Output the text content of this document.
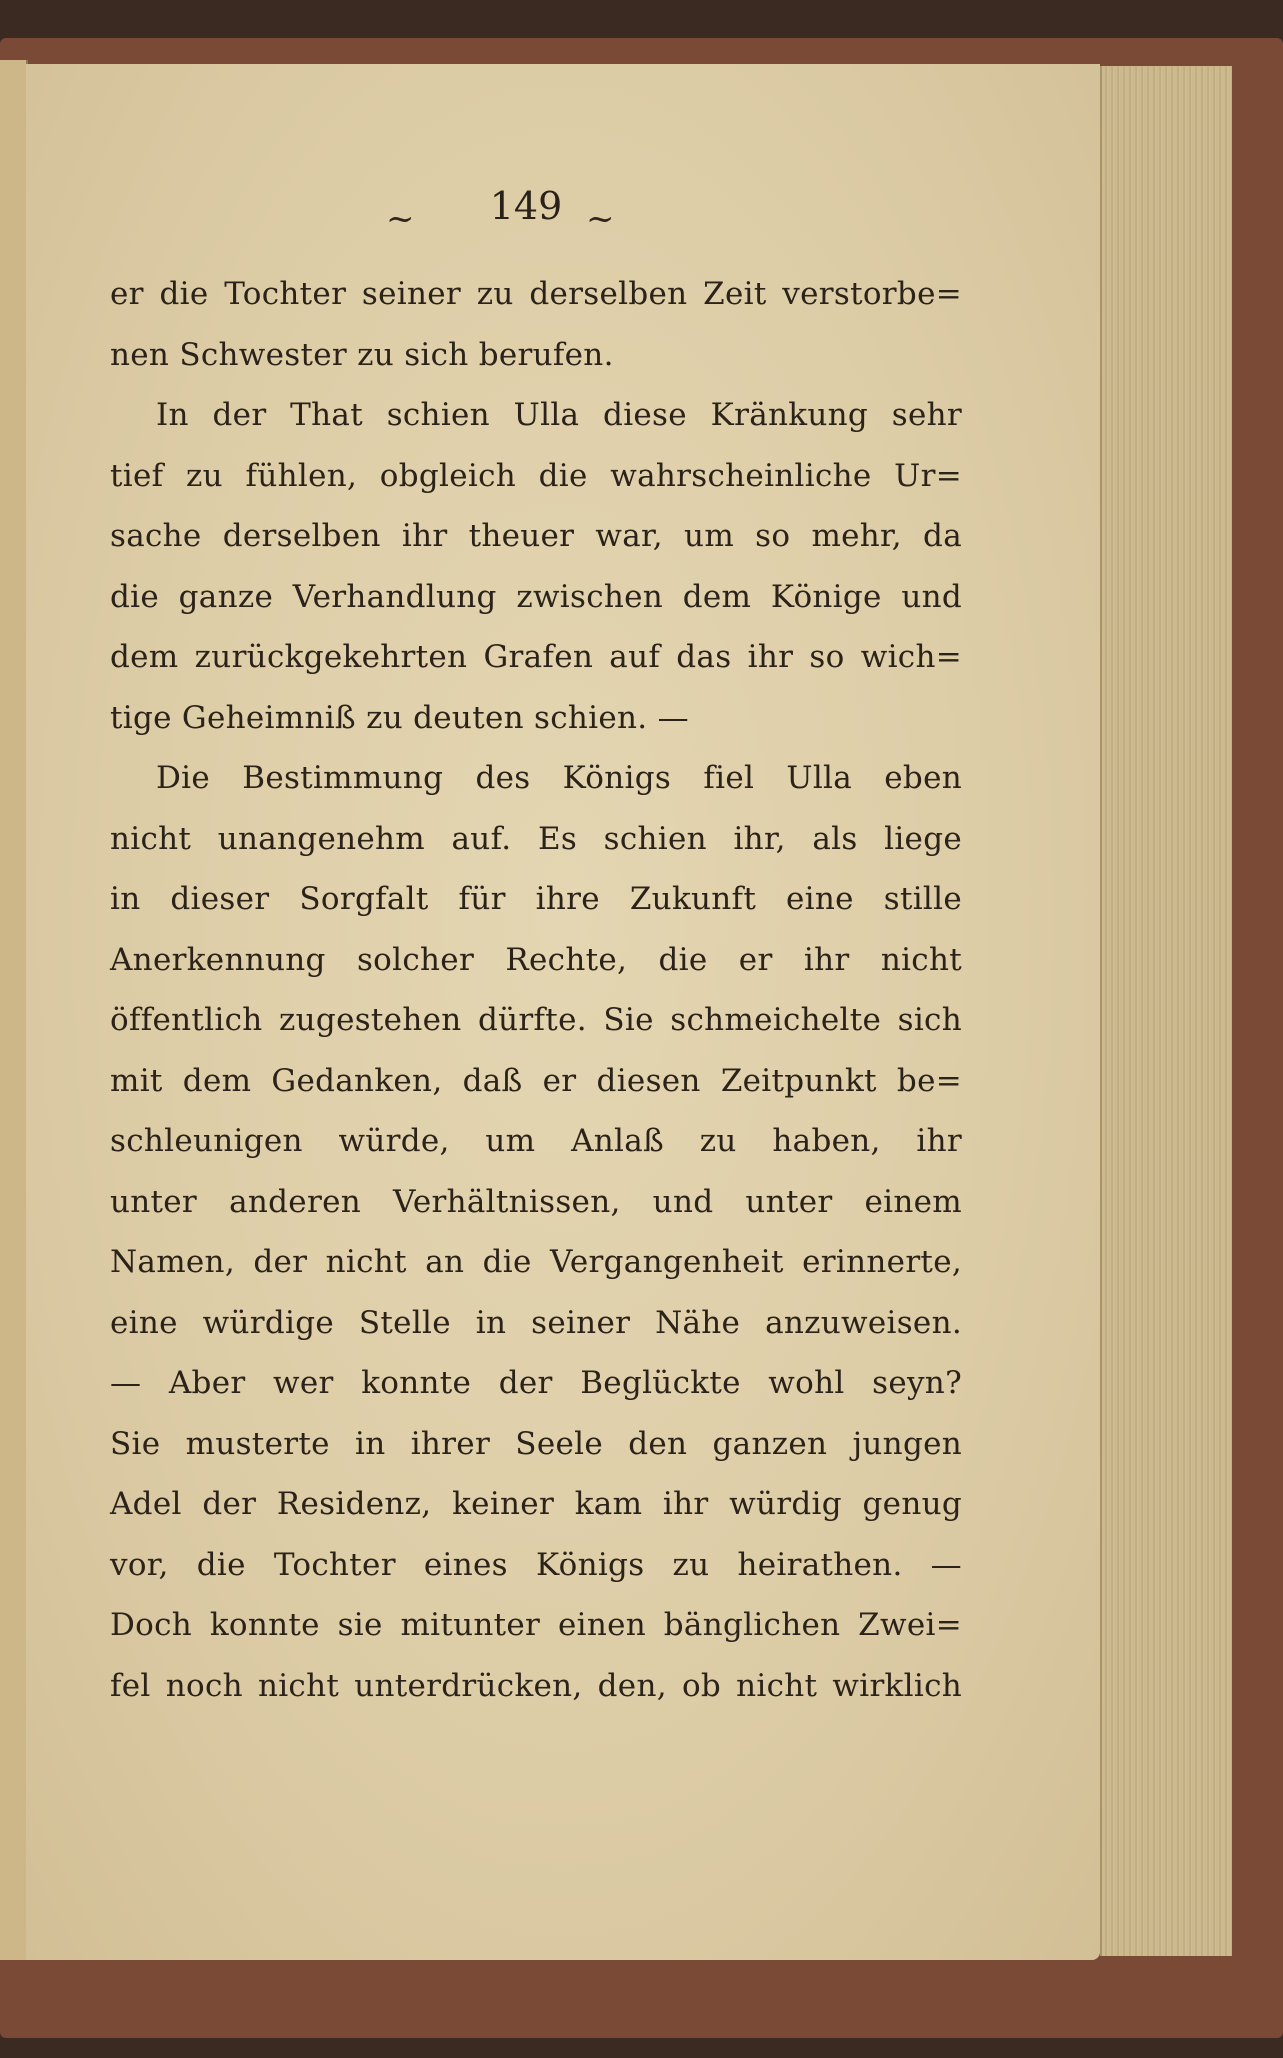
~	149 ~
er die Tochter seiner zu derselben Zeit verstorbe=
nen Schwester zu sich berufen.
In der That schien Ulla diese Kränkung sehr
tief zu fühlen, obgleich die wahrscheinliche Ur=
sache derselben ihr theuer war, um so mehr, da
die ganze Verhandlung zwischen dem Könige und
dem zurückgekehrten Grafen auf das ihr so wich=
tige Geheimniß zu deuten schien. —
Die Bestimmung des Königs fiel Ulla eben
nicht unangenehm auf. Es schien ihr, als liege
in dieser Sorgfalt für ihre Zukunft eine stille
Anerkennung solcher Rechte, die er ihr nicht
öffentlich zugestehen dürfte. Sie schmeichelte sich
mit dem Gedanken, daß er diesen Zeitpunkt be=
schleunigen würde, um Anlaß zu haben, ihr
unter anderen Verhältnissen, und unter einem
Namen, der nicht an die Vergangenheit erinnerte,
eine würdige Stelle in seiner Nähe anzuweisen.
— Aber wer konnte der Beglückte wohl seyn?
Sie musterte in ihrer Seele den ganzen jungen
Adel der Residenz, keiner kam ihr würdig genug
vor, die Tochter eines Königs zu heirathen. —
Doch konnte sie mitunter einen bänglichen Zwei=
fel noch nicht unterdrücken, den, ob nicht wirklich
